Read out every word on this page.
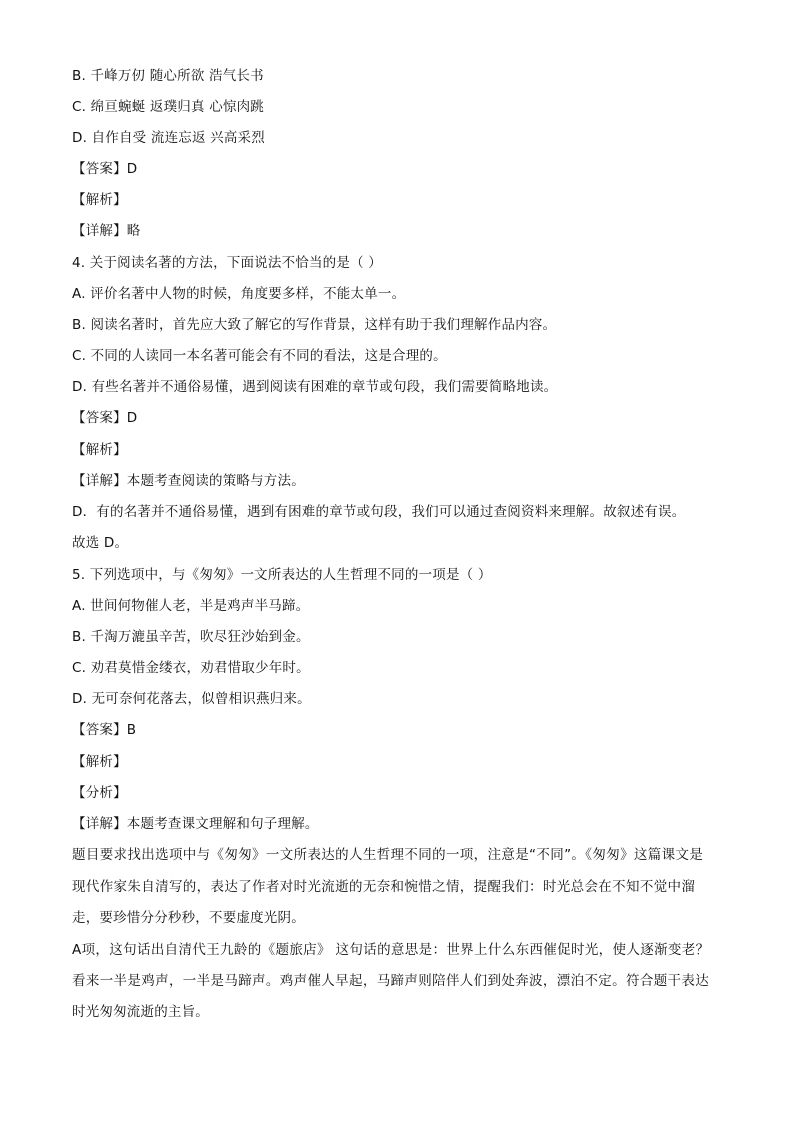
B. 千峰万仞 随心所欲 浩气长书
C. 绵亘蜿蜒 返璞归真 心惊肉跳
D. 自作自受 流连忘返 兴高采烈
【答案】D
【解析】
【详解】略
4. 关于阅读名著的方法，下面说法不恰当的是（ ）
A. 评价名著中人物的时候，角度要多样，不能太单一。
B. 阅读名著时，首先应大致了解它的写作背景，这样有助于我们理解作品内容。
C. 不同的人读同一本名著可能会有不同的看法，这是合理的。
D. 有些名著并不通俗易懂，遇到阅读有困难的章节或句段，我们需要简略地读。
【答案】D
【解析】
【详解】本题考查阅读的策略与方法。
D．有的名著并不通俗易懂，遇到有困难的章节或句段，我们可以通过查阅资料来理解。故叙述有误。
故选 D。
5. 下列选项中，与《匆匆》一文所表达的人生哲理不同的一项是（ ）
A. 世间何物催人老，半是鸡声半马蹄。
B. 千淘万漉虽辛苦，吹尽狂沙始到金。
C. 劝君莫惜金缕衣，劝君惜取少年时。
D. 无可奈何花落去，似曾相识燕归来。
【答案】B
【解析】
【分析】
【详解】本题考查课文理解和句子理解。
题目要求找出选项中与《匆匆》一文所表达的人生哲理不同的一项，注意是“不同”。《匆匆》这篇课文是
现代作家朱自清写的，表达了作者对时光流逝的无奈和惋惜之情，提醒我们：时光总会在不知不觉中溜
走，要珍惜分分秒秒，不要虚度光阴。
A项，这句话出自清代王九龄的《题旅店》 这句话的意思是：世界上什么东西催促时光，使人逐渐变老？
看来一半是鸡声，一半是马蹄声。鸡声催人早起，马蹄声则陪伴人们到处奔波，漂泊不定。符合题干表达
时光匆匆流逝的主旨。
